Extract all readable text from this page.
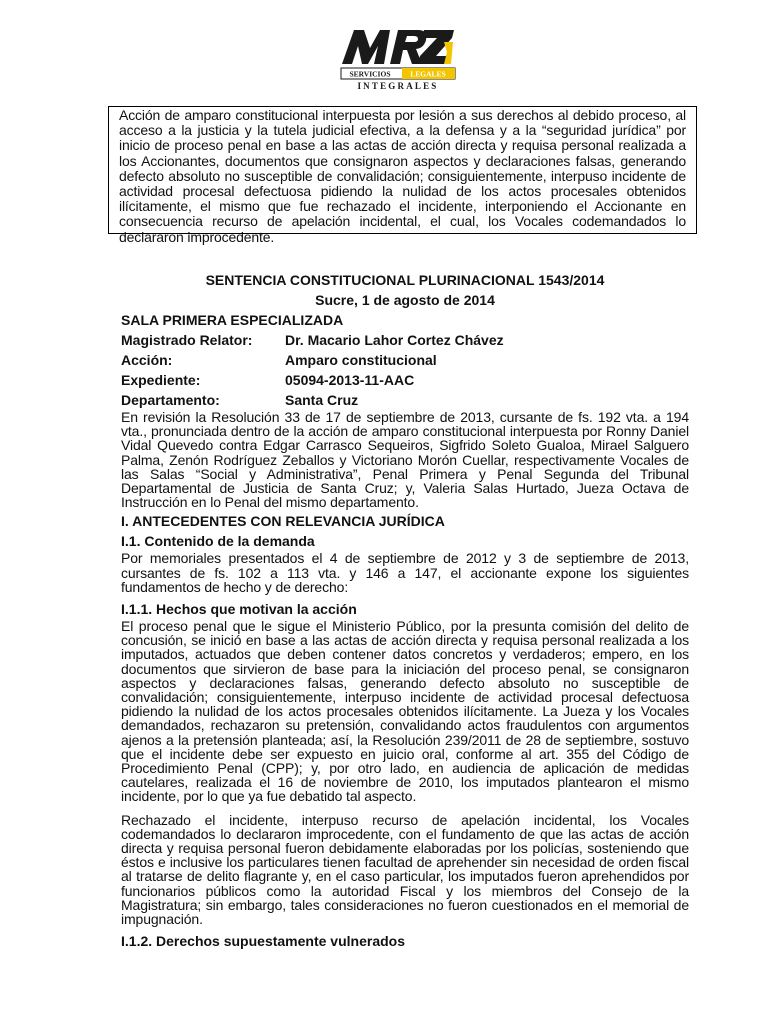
SERVICIOS	LEGALES
INTEGRALES
Acción de amparo constitucional interpuesta por lesión a sus derechos al debido proceso, al acceso a la justicia y la tutela judicial efectiva, a la defensa y a la “seguridad jurídica” por inicio de proceso penal en base a las actas de acción directa y requisa personal realizada a los Accionantes, documentos que consignaron aspectos y declaraciones falsas, generando defecto absoluto no susceptible de convalidación; consiguientemente, interpuso incidente de actividad procesal defectuosa pidiendo la nulidad de los actos procesales obtenidos ilícitamente, el mismo que fue rechazado el incidente, interponiendo el Accionante en consecuencia recurso de apelación incidental, el cual, los Vocales codemandados lo declararon improcedente.
SENTENCIA CONSTITUCIONAL PLURINACIONAL 1543/2014
Sucre, 1 de agosto de 2014
SALA PRIMERA ESPECIALIZADA
Magistrado Relator:	Dr. Macario Lahor Cortez Chávez
Acción:	Amparo constitucional
Expediente:	05094-2013-11-AAC
Departamento:	Santa Cruz

En revisión la Resolución 33 de 17 de septiembre de 2013, cursante de fs. 192 vta. a 194 vta., pronunciada dentro de la acción de amparo constitucional interpuesta por Ronny Daniel Vidal Quevedo contra Edgar Carrasco Sequeiros, Sigfrido Soleto Gualoa, Mirael Salguero Palma, Zenón Rodríguez Zeballos y Victoriano Morón Cuellar, respectivamente Vocales de las Salas “Social y Administrativa”, Penal Primera y Penal Segunda del Tribunal Departamental de Justicia de Santa Cruz; y, Valeria Salas Hurtado, Jueza Octava de Instrucción en lo Penal del mismo departamento.

I. ANTECEDENTES CON RELEVANCIA JURÍDICA

I.1. Contenido de la demanda

Por memoriales presentados el 4 de septiembre de 2012 y 3 de septiembre de 2013, cursantes de fs. 102 a 113 vta. y 146 a 147, el accionante expone los siguientes fundamentos de hecho y de derecho:

I.1.1. Hechos que motivan la acción

El proceso penal que le sigue el Ministerio Público, por la presunta comisión del delito de concusión, se inició en base a las actas de acción directa y requisa personal realizada a los imputados, actuados que deben contener datos concretos y verdaderos; empero, en los documentos que sirvieron de base para la iniciación del proceso penal, se consignaron aspectos y declaraciones falsas, generando defecto absoluto no susceptible de convalidación; consiguientemente, interpuso incidente de actividad procesal defectuosa pidiendo la nulidad de los actos procesales obtenidos ilícitamente. La Jueza y los Vocales demandados, rechazaron su pretensión, convalidando actos fraudulentos con argumentos ajenos a la pretensión planteada; así, la Resolución 239/2011 de 28 de septiembre, sostuvo que el incidente debe ser expuesto en juicio oral, conforme al art. 355 del Código de Procedimiento Penal (CPP); y, por otro lado, en audiencia de aplicación de medidas cautelares, realizada el 16 de noviembre de 2010, los imputados plantearon el mismo incidente, por lo que ya fue debatido tal aspecto.

Rechazado el incidente, interpuso recurso de apelación incidental, los Vocales codemandados lo declararon improcedente, con el fundamento de que las actas de acción directa y requisa personal fueron debidamente elaboradas por los policías, sosteniendo que éstos e inclusive los particulares tienen facultad de aprehender sin necesidad de orden fiscal al tratarse de delito flagrante y, en el caso particular, los imputados fueron aprehendidos por funcionarios públicos como la autoridad Fiscal y los miembros del Consejo de la Magistratura; sin embargo, tales consideraciones no fueron cuestionados en el memorial de impugnación.

I.1.2. Derechos supuestamente vulnerados
